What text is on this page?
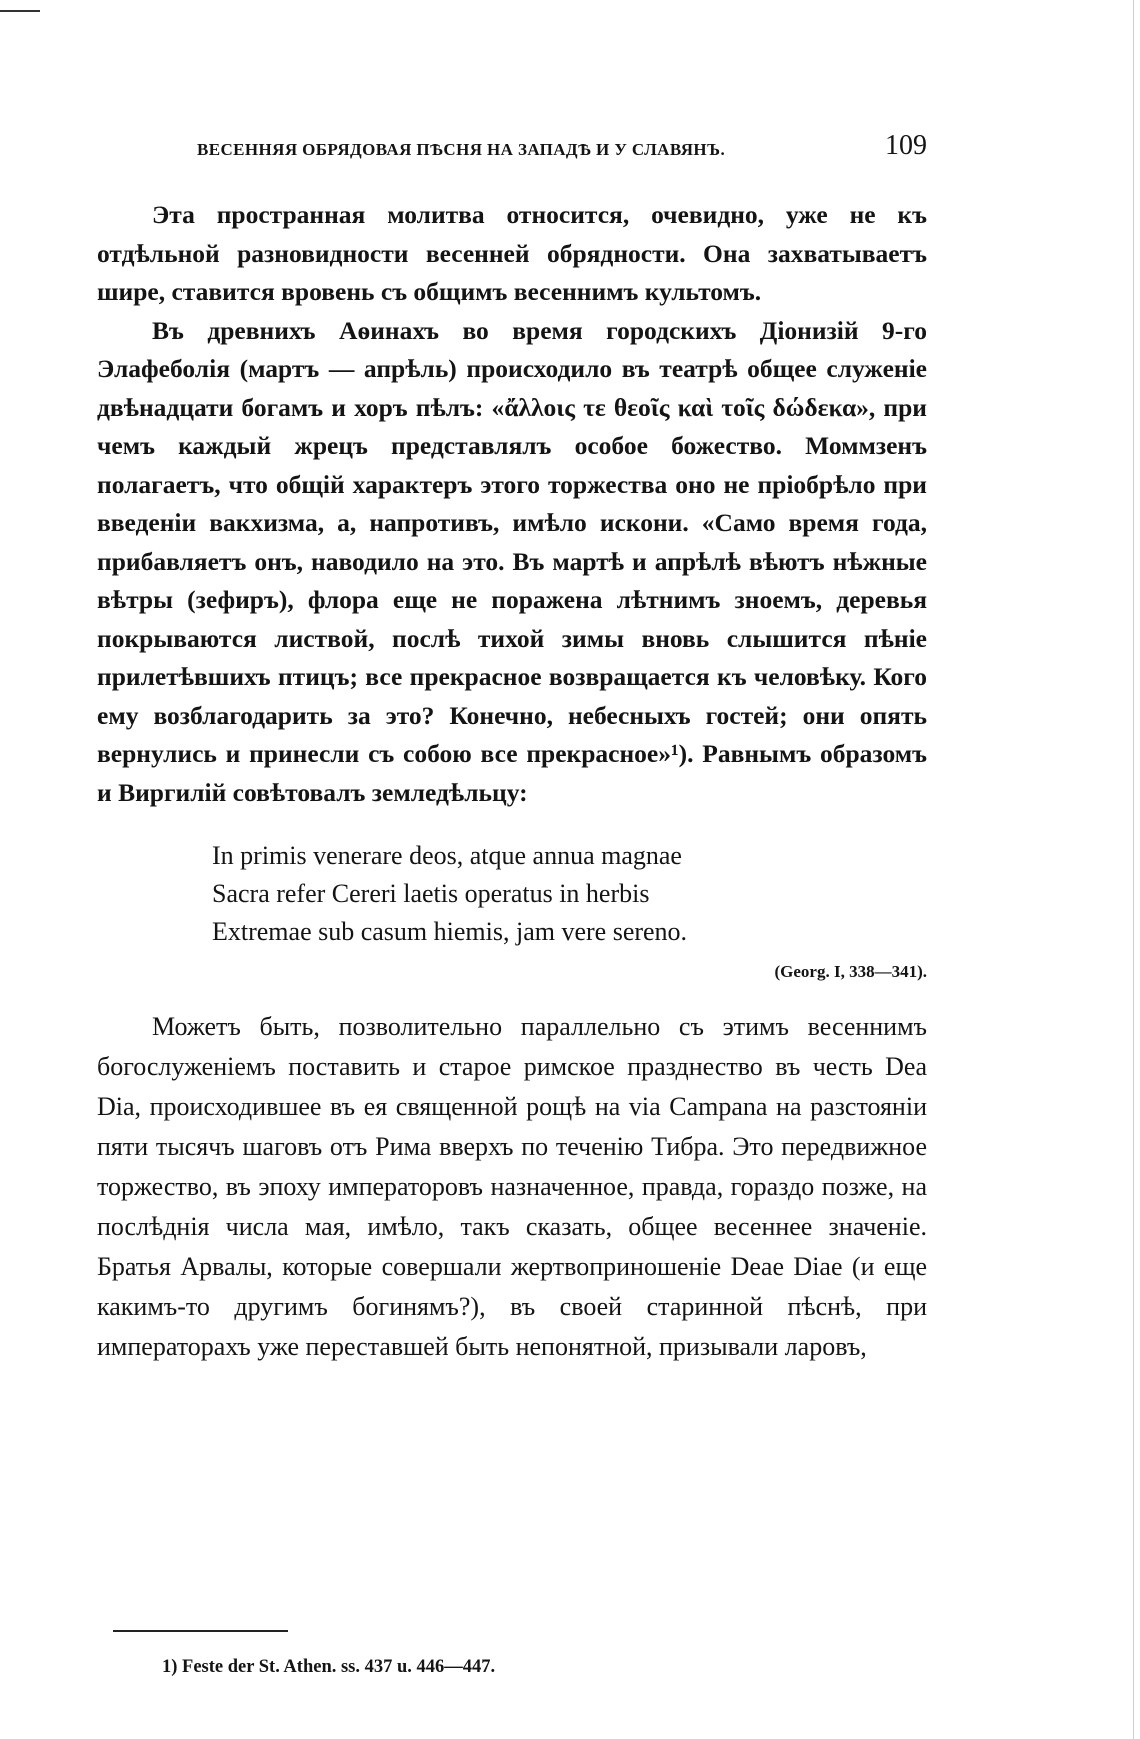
ВЕСЕННЯЯ ОБРЯДОВАЯ ПѢСНЯ НА ЗАПАДѢ И У СЛАВЯНЪ.	109

Эта пространная молитва относится, очевидно, уже не къ отдѣльной разновидности весенней обрядности. Она захватываетъ шире, ставится вровень съ общимъ весеннимъ культомъ.

Въ древнихъ Аѳинахъ во время городскихъ Діонизій 9-го Элафеболія (мартъ — апрѣль) происходило въ театрѣ общее служеніе двѣнадцати богамъ и хоръ пѣлъ: «ἄλλοις τε θεοῖς καὶ τοῖς δώδεκα», при чемъ каждый жрецъ представлялъ особое божество. Моммзенъ полагаетъ, что общій характеръ этого торжества оно не пріобрѣло при введеніи вакхизма, а, напротивъ, имѣло искони. «Само время года, прибавляетъ онъ, наводило на это. Въ мартѣ и апрѣлѣ вѣютъ нѣжные вѣтры (зефиръ), флора еще не поражена лѣтнимъ зноемъ, деревья покрываются листвой, послѣ тихой зимы вновь слышится пѣніе прилетѣвшихъ птицъ; все прекрасное возвращается къ человѣку. Кого ему возблагодарить за это? Конечно, небесныхъ гостей; они опять вернулись и принесли съ собою все прекрасное»¹). Равнымъ образомъ и Виргилій совѣтовалъ земледѣльцу:

In primis venerare deos, atque annua magnae
Sacra refer Cereri laetis operatus in herbis
Extremae sub casum hiemis, jam vere sereno.
(Georg. I, 338—341).

Можетъ быть, позволительно параллельно съ этимъ весеннимъ богослуженіемъ поставить и старое римское празднество въ честь Dea Dia, происходившее въ ея священной рощѣ на via Campana на разстояніи пяти тысячъ шаговъ отъ Рима вверхъ по теченію Тибра. Это передвижное торжество, въ эпоху императоровъ назначенное, правда, гораздо позже, на послѣднія числа мая, имѣло, такъ сказать, общее весеннее значеніе. Братья Арвалы, которые совершали жертвоприношеніе Deae Diae (и еще какимъ-то другимъ богинямъ?), въ своей старинной пѣснѣ, при императорахъ уже переставшей быть непонятной, призывали ларовъ,

1) Feste der St. Athen. ss. 437 u. 446—447.
